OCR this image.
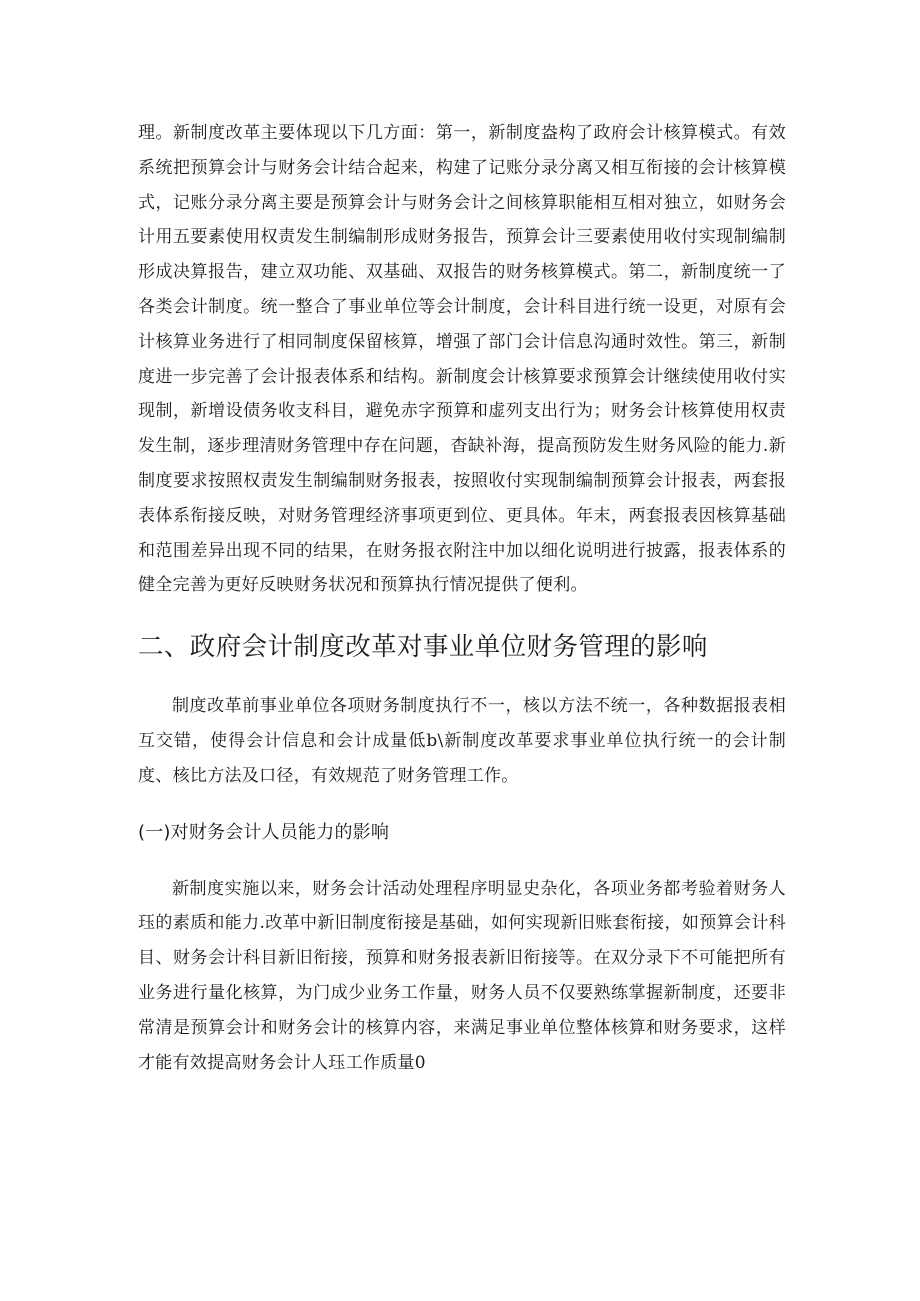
理。新制度改革主要体现以下几方面：第一，新制度盎构了政府会计核算模式。有效系统把预算会计与财务会计结合起来，构建了记账分录分离又相互衔接的会计核算模式，记账分录分离主要是预算会计与财务会计之间核算职能相互相对独立，如财务会计用五要素使用权责发生制编制形成财务报告，预算会计三要素使用收付实现制编制形成决算报告，建立双功能、双基础、双报告的财务核算模式。第二，新制度统一了各类会计制度。统一整合了事业单位等会计制度，会计科目进行统一设更，对原有会计核算业务进行了相同制度保留核算，增强了部门会计信息沟通时效性。第三，新制度进一步完善了会计报表体系和结构。新制度会计核算要求预算会计继续使用收付实现制，新增设债务收支科目，避免赤字预算和虚列支出行为；财务会计核算使用权责发生制，逐步理清财务管理中存在问题，杳缺补海，提高预防发生财务风险的能力.新制度要求按照权责发生制编制财务报表，按照收付实现制编制预算会计报表，两套报表体系衔接反映，对财务管理经济事项更到位、更具体。年末，两套报表因核算基础和范围差异出现不同的结果，在财务报衣附注中加以细化说明进行披露，报表体系的健全完善为更好反映财务状况和预算执行情况提供了便利。

二、政府会计制度改革对事业单位财务管理的影响

制度改革前事业单位各项财务制度执行不一，核以方法不统一，各种数据报表相互交错，使得会计信息和会计成量低b\新制度改革要求事业单位执行统一的会计制度、核比方法及口径，有效规范了财务管理工作。

(一)对财务会计人员能力的影响

新制度实施以来，财务会计活动处理程序明显史杂化，各项业务都考验着财务人珏的素质和能力.改革中新旧制度衔接是基础，如何实现新旧账套衔接，如预算会计科目、财务会计科目新旧衔接，预算和财务报表新旧衔接等。在双分录下不可能把所有业务进行量化核算，为门成少业务工作量，财务人员不仅要熟练掌握新制度，还要非常清是预算会计和财务会计的核算内容，来满足事业单位整体核算和财务要求，这样才能有效提高财务会计人珏工作质量0
